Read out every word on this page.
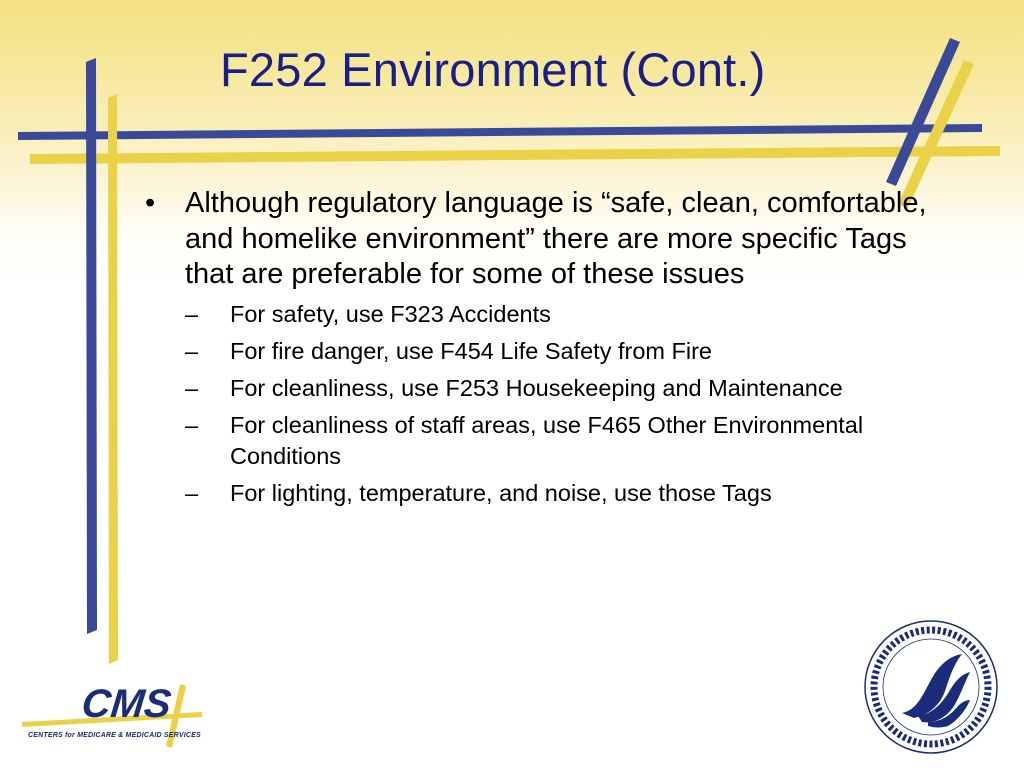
F252 Environment (Cont.)
•	Although regulatory language is “safe, clean, comfortable, and homelike environment” there are more specific Tags that are preferable for some of these issues
–	For safety, use F323 Accidents
–	For fire danger, use F454 Life Safety from Fire
–	For cleanliness, use F253 Housekeeping and Maintenance
–	For cleanliness of staff areas, use F465 Other Environmental Conditions
–	For lighting, temperature, and noise, use those Tags
CMS
CENTERS for MEDICARE & MEDICAID SERVICES
